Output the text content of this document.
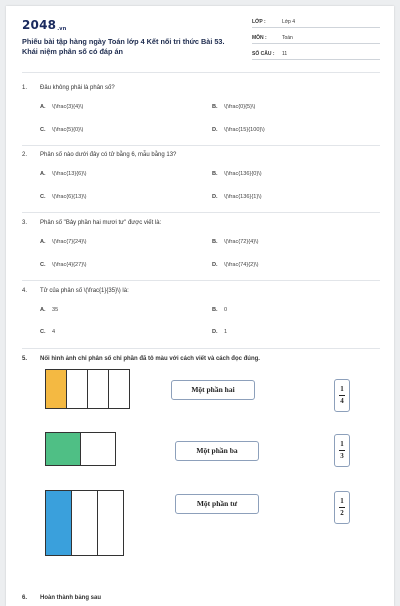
2048.vn
Phiếu bài tập hàng ngày Toán lớp 4 Kết nối tri thức Bài 53.
Khái niệm phân số có đáp án
LỚP :	Lớp 4
MÔN :	Toán
SỐ CÂU : 11
1. Đâu không phải là phân số?
A. \(\frac{3}{4}\)	B. \(\frac{0}{5}\)
C. \(\frac{5}{0}\)	D. \(\frac{15}{100}\)
2. Phân số nào dưới đây có tử bằng 6, mẫu bằng 13?
A. \(\frac{13}{6}\)	B. \(\frac{136}{0}\)
C. \(\frac{6}{13}\)	D. \(\frac{136}{1}\)
3. Phân số "Bảy phần hai mươi tư" được viết là:
A. \(\frac{7}{24}\)	B. \(\frac{72}{4}\)
C. \(\frac{4}{27}\)	D. \(\frac{74}{2}\)
4. Tử của phân số \(\frac{1}{35}\) là:
A. 35	B. 0
C. 4	D. 1
5. Nối hình ảnh chỉ phân số chỉ phần đã tô màu với cách viết và cách đọc đúng.
Một phần hai
Một phần ba
Một phần tư
1
4
1
3
1
2
6. Hoàn thành bảng sau
